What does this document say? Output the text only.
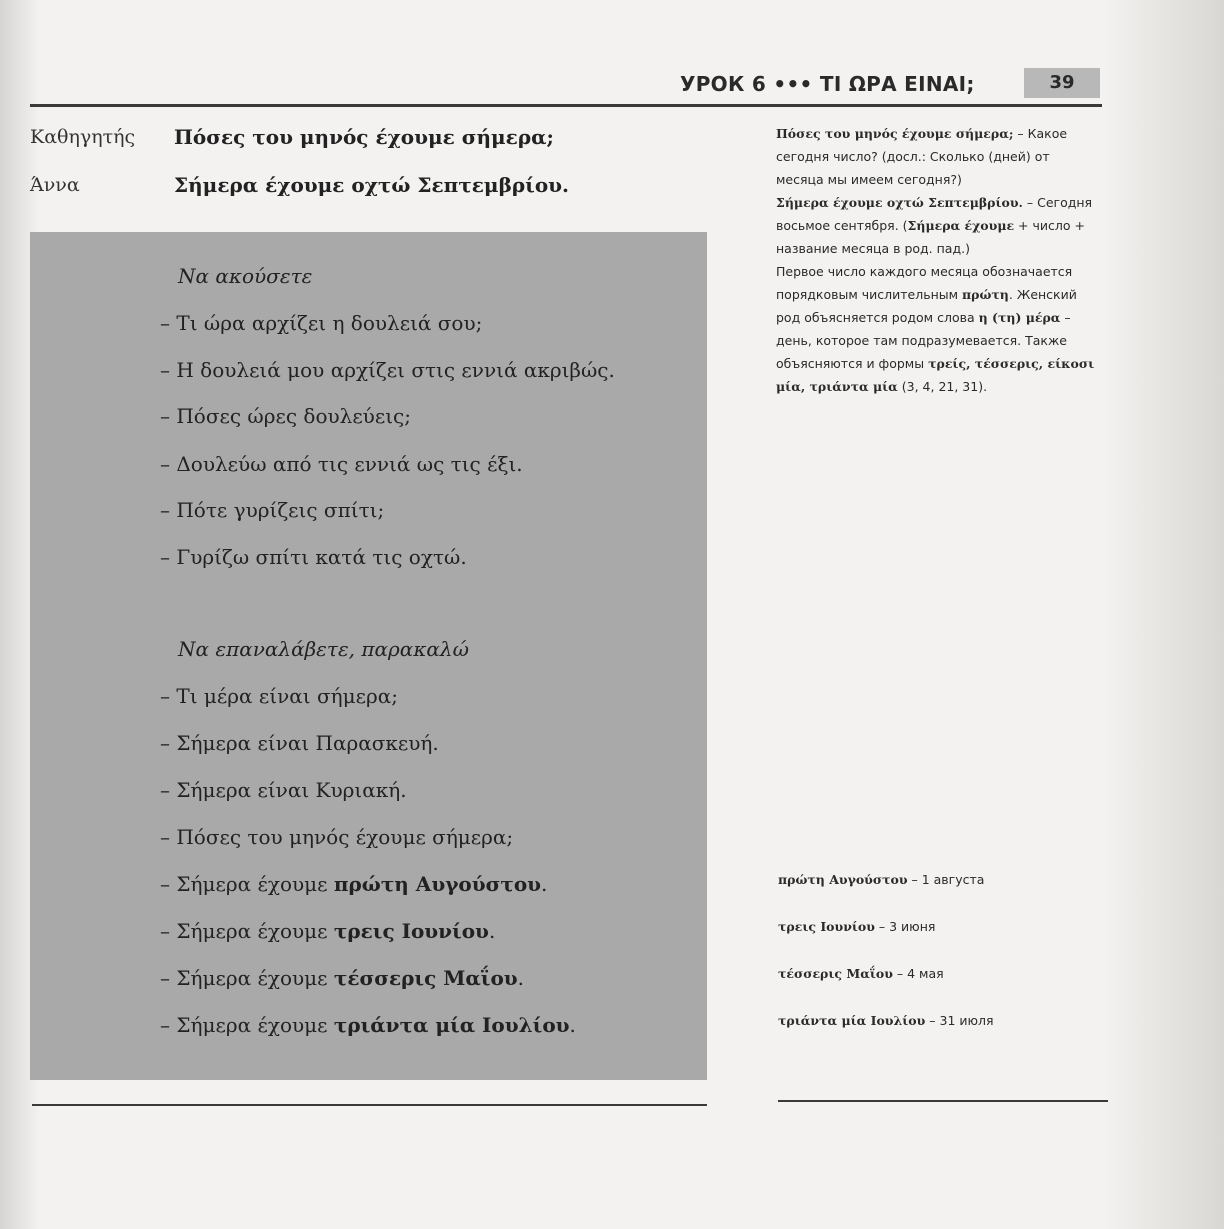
УРОК 6 ••• ΤΙ ΩΡΑ ΕΙΝΑΙ;	39
Καθηγητής Πόσες του μηνός έχουμε σήμερα;
Άννα	Σήμερα έχουμε οχτώ Σεπτεμβρίου.
Να ακούσετε
– Τι ώρα αρχίζει η δουλειά σου;
– Η δουλειά μου αρχίζει στις εννιά ακριβώς.
– Πόσες ώρες δουλεύεις;
– Δουλεύω από τις εννιά ως τις έξι.
– Πότε γυρίζεις σπίτι;
– Γυρίζω σπίτι κατά τις οχτώ.
Να επαναλάβετε, παρακαλώ
– Τι μέρα είναι σήμερα;
– Σήμερα είναι Παρασκευή.
– Σήμερα είναι Κυριακή.
– Πόσες του μηνός έχουμε σήμερα;
– Σήμερα έχουμε πρώτη Αυγούστου.
– Σήμερα έχουμε τρεις Ιουνίου.
– Σήμερα έχουμε τέσσερις Μαΐου.
– Σήμερα έχουμε τριάντα μία Ιουλίου.
Πόσες του μηνός έχουμε σήμερα; – Какое сегодня число? (досл.: Сколько (дней) от месяца мы имеем сегодня?)
Σήμερα έχουμε οχτώ Σεπτεμβρίου. – Сегодня восьмое сентября. (Σήμερα έχουμε + число + название месяца в род. пад.)
Первое число каждого месяца обозначается порядковым числительным πρώτη. Женский род объясняется родом слова η (τη) μέρα – день, которое там подразумевается. Также объясняются и формы τρείς, τέσσερις, είκοσι μία, τριάντα μία (3, 4, 21, 31).
πρώτη Αυγούστου – 1 августа
τρεις Ιουνίου – 3 июня
τέσσερις Μαΐου – 4 мая
τριάντα μία Ιουλίου – 31 июля
